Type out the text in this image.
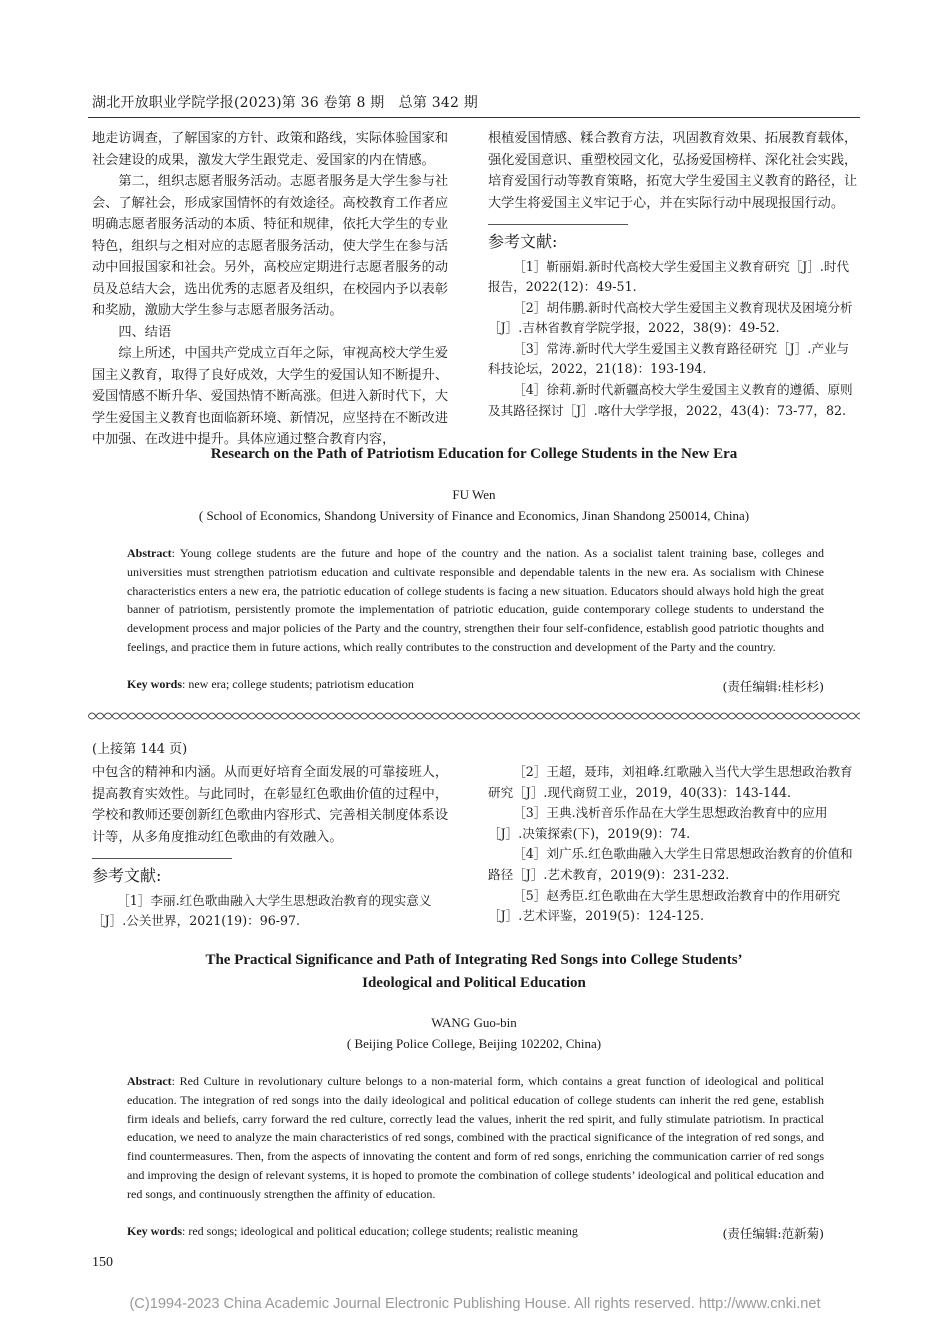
湖北开放职业学院学报(2023)第 36 卷第 8 期　总第 342 期

地走访调查，了解国家的方针、政策和路线，实际体验国家和社会建设的成果，激发大学生跟党走、爱国家的内在情感。

第二，组织志愿者服务活动。志愿者服务是大学生参与社会、了解社会，形成家国情怀的有效途径。高校教育工作者应明确志愿者服务活动的本质、特征和规律，依托大学生的专业特色，组织与之相对应的志愿者服务活动，使大学生在参与活动中回报国家和社会。另外，高校应定期进行志愿者服务的动员及总结大会，选出优秀的志愿者及组织，在校园内予以表彰和奖励，激励大学生参与志愿者服务活动。

四、结语

综上所述，中国共产党成立百年之际，审视高校大学生爱国主义教育，取得了良好成效，大学生的爱国认知不断提升、爱国情感不断升华、爱国热情不断高涨。但进入新时代下，大学生爱国主义教育也面临新环境、新情况，应坚持在不断改进中加强、在改进中提升。具体应通过整合教育内容，

根植爱国情感、糅合教育方法，巩固教育效果、拓展教育载体，强化爱国意识、重塑校园文化，弘扬爱国榜样、深化社会实践，培育爱国行动等教育策略，拓宽大学生爱国主义教育的路径，让大学生将爱国主义牢记于心，并在实际行动中展现报国行动。

参考文献:
［1］靳丽娟.新时代高校大学生爱国主义教育研究［J］.时代报告，2022(12)：49-51.
［2］胡伟鹏.新时代高校大学生爱国主义教育现状及困境分析［J］.吉林省教育学院学报，2022，38(9)：49-52.
［3］常涛.新时代大学生爱国主义教育路径研究［J］.产业与科技论坛，2022，21(18)：193-194.
［4］徐莉.新时代新疆高校大学生爱国主义教育的遵循、原则及其路径探讨［J］.喀什大学学报，2022，43(4)：73-77，82.
Research on the Path of Patriotism Education for College Students in the New Era
FU Wen
( School of Economics, Shandong University of Finance and Economics, Jinan Shandong 250014, China)
Abstract: Young college students are the future and hope of the country and the nation. As a socialist talent training base, colleges and universities must strengthen patriotism education and cultivate responsible and dependable talents in the new era. As socialism with Chinese characteristics enters a new era, the patriotic education of college students is facing a new situation. Educators should always hold high the great banner of patriotism, persistently promote the implementation of patriotic education, guide contemporary college students to understand the development process and major policies of the Party and the country, strengthen their four self-confidence, establish good patriotic thoughts and feelings, and practice them in future actions, which really contributes to the construction and development of the Party and the country.
Key words: new era; college students; patriotism education	(责任编辑:桂杉杉)
(上接第 144 页)

中包含的精神和内涵。从而更好培育全面发展的可靠接班人，提高教育实效性。与此同时，在彰显红色歌曲价值的过程中，学校和教师还要创新红色歌曲内容形式、完善相关制度体系设计等，从多角度推动红色歌曲的有效融入。

参考文献:
［1］李丽.红色歌曲融入大学生思想政治教育的现实意义［J］.公关世界，2021(19)：96-97.
［2］王超，聂玮，刘祖峰.红歌融入当代大学生思想政治教育研究［J］.现代商贸工业，2019，40(33)：143-144.
［3］王典.浅析音乐作品在大学生思想政治教育中的应用［J］.决策探索(下)，2019(9)：74.
［4］刘广乐.红色歌曲融入大学生日常思想政治教育的价值和路径［J］.艺术教育，2019(9)：231-232.
［5］赵秀臣.红色歌曲在大学生思想政治教育中的作用研究［J］.艺术评鉴，2019(5)：124-125.
The Practical Significance and Path of Integrating Red Songs into College Students’
Ideological and Political Education
WANG Guo-bin
( Beijing Police College, Beijing 102202, China)
Abstract: Red Culture in revolutionary culture belongs to a non-material form, which contains a great function of ideological and political education. The integration of red songs into the daily ideological and political education of college students can inherit the red gene, establish firm ideals and beliefs, carry forward the red culture, correctly lead the values, inherit the red spirit, and fully stimulate patriotism. In practical education, we need to analyze the main characteristics of red songs, combined with the practical significance of the integration of red songs, and find countermeasures. Then, from the aspects of innovating the content and form of red songs, enriching the communication carrier of red songs and improving the design of relevant systems, it is hoped to promote the combination of college students’ ideological and political education and red songs, and continuously strengthen the affinity of education.
Key words: red songs; ideological and political education; college students; realistic meaning	(责任编辑:范新菊)
150
(C)1994-2023 China Academic Journal Electronic Publishing House. All rights reserved. http://www.cnki.net
